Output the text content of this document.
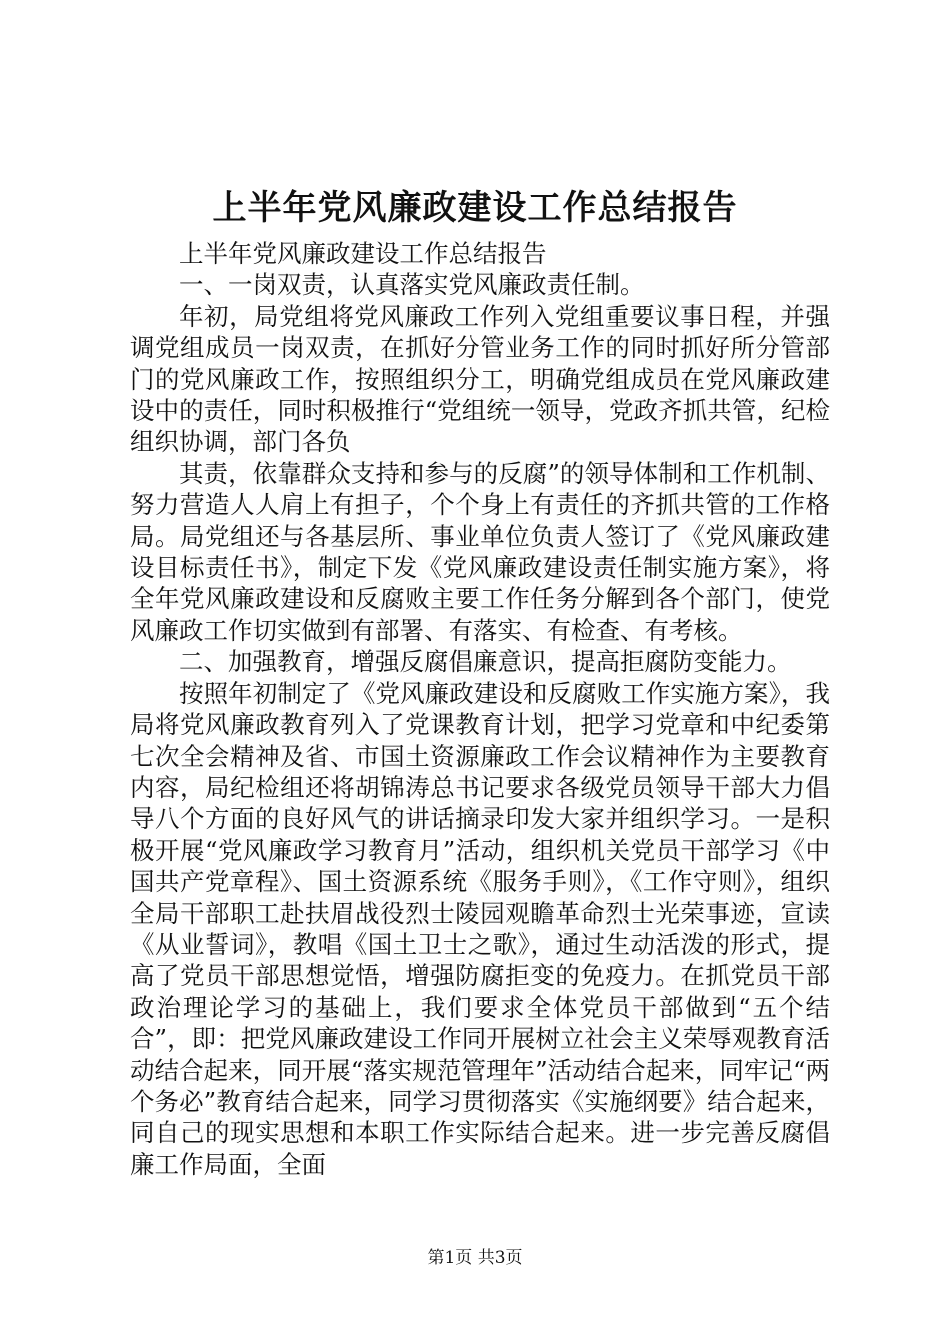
上半年党风廉政建设工作总结报告

上半年党风廉政建设工作总结报告

一、一岗双责，认真落实党风廉政责任制。

年初，局党组将党风廉政工作列入党组重要议事日程，并强调党组成员一岗双责，在抓好分管业务工作的同时抓好所分管部门的党风廉政工作，按照组织分工，明确党组成员在党风廉政建设中的责任，同时积极推行“党组统一领导，党政齐抓共管，纪检组织协调，部门各负

其责，依靠群众支持和参与的反腐”的领导体制和工作机制、努力营造人人肩上有担子，个个身上有责任的齐抓共管的工作格局。局党组还与各基层所、事业单位负责人签订了《党风廉政建设目标责任书》，制定下发《党风廉政建设责任制实施方案》，将全年党风廉政建设和反腐败主要工作任务分解到各个部门，使党风廉政工作切实做到有部署、有落实、有检查、有考核。

二、加强教育，增强反腐倡廉意识，提高拒腐防变能力。

按照年初制定了《党风廉政建设和反腐败工作实施方案》，我局将党风廉政教育列入了党课教育计划，把学习党章和中纪委第七次全会精神及省、市国土资源廉政工作会议精神作为主要教育内容，局纪检组还将胡锦涛总书记要求各级党员领导干部大力倡导八个方面的良好风气的讲话摘录印发大家并组织学习。一是积极开展“党风廉政学习教育月”活动，组织机关党员干部学习《中国共产党章程》、国土资源系统《服务手则》，《工作守则》，组织全局干部职工赴扶眉战役烈士陵园观瞻革命烈士光荣事迹，宣读《从业誓词》，教唱《国土卫士之歌》，通过生动活泼的形式，提高了党员干部思想觉悟，增强防腐拒变的免疫力。在抓党员干部政治理论学习的基础上，我们要求全体党员干部做到“五个结合”，即：把党风廉政建设工作同开展树立社会主义荣辱观教育活动结合起来，同开展“落实规范管理年”活动结合起来，同牢记“两个务必”教育结合起来，同学习贯彻落实《实施纲要》结合起来，同自己的现实思想和本职工作实际结合起来。进一步完善反腐倡廉工作局面，全面

第1页 共3页
